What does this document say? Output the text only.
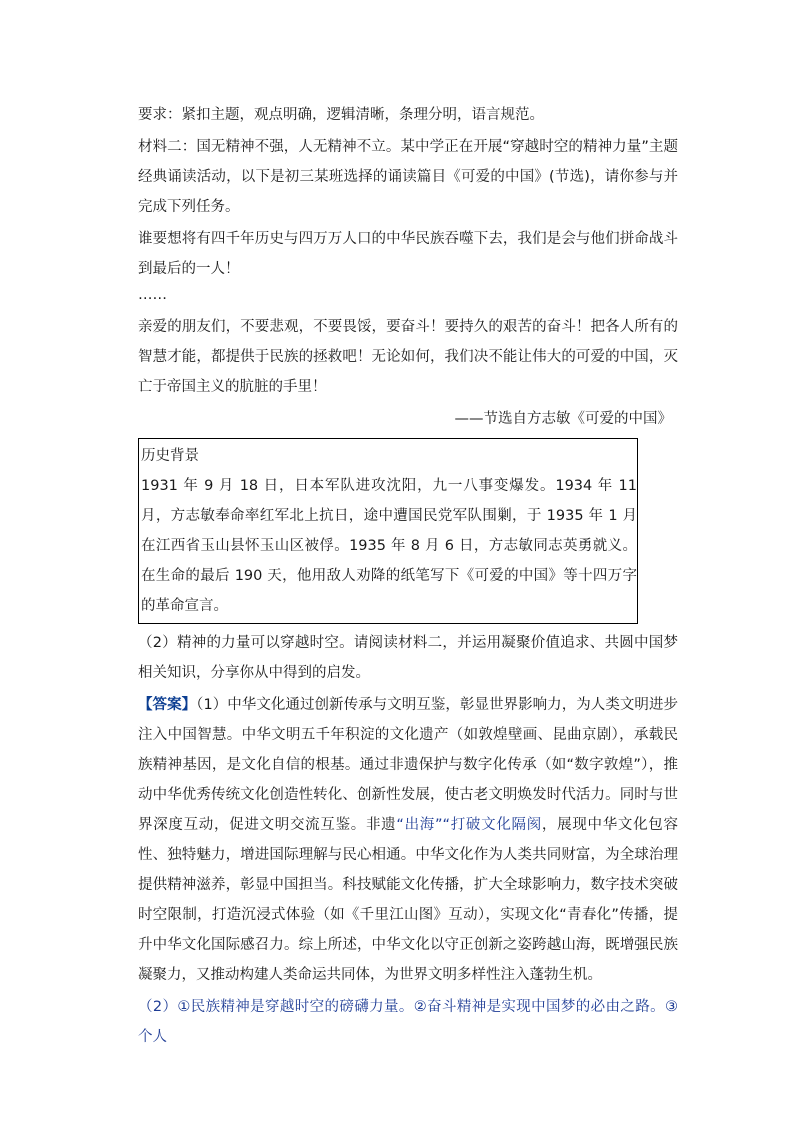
要求：紧扣主题，观点明确，逻辑清晰，条理分明，语言规范。

材料二：国无精神不强，人无精神不立。某中学正在开展“穿越时空的精神力量”主题经典诵读活动，以下是初三某班选择的诵读篇目《可爱的中国》(节选)，请你参与并完成下列任务。

谁要想将有四千年历史与四万万人口的中华民族吞噬下去，我们是会与他们拼命战斗到最后的一人！

……

亲爱的朋友们，不要悲观，不要畏馁，要奋斗！要持久的艰苦的奋斗！把各人所有的智慧才能，都提供于民族的拯救吧！无论如何，我们决不能让伟大的可爱的中国，灭亡于帝国主义的肮脏的手里！

——节选自方志敏《可爱的中国》

历史背景

1931 年 9 月 18 日，日本军队进攻沈阳，九一八事变爆发。1934 年 11 月，方志敏奉命率红军北上抗日，途中遭国民党军队围剿，于 1935 年 1 月在江西省玉山县怀玉山区被俘。1935 年 8 月 6 日，方志敏同志英勇就义。在生命的最后 190 天，他用敌人劝降的纸笔写下《可爱的中国》等十四万字的革命宣言。

（2）精神的力量可以穿越时空。请阅读材料二，并运用凝聚价值追求、共圆中国梦相关知识，分享你从中得到的启发。

【答案】（1）中华文化通过创新传承与文明互鉴，彰显世界影响力，为人类文明进步注入中国智慧。中华文明五千年积淀的文化遗产（如敦煌壁画、昆曲京剧），承载民族精神基因，是文化自信的根基。通过非遗保护与数字化传承（如“数字敦煌”），推动中华优秀传统文化创造性转化、创新性发展，使古老文明焕发时代活力。同时与世界深度互动，促进文明交流互鉴。非遗“出海”“打破文化隔阂，展现中华文化包容性、独特魅力，增进国际理解与民心相通。中华文化作为人类共同财富，为全球治理提供精神滋养，彰显中国担当。科技赋能文化传播，扩大全球影响力，数字技术突破时空限制，打造沉浸式体验（如《千里江山图》互动），实现文化“青春化”传播，提升中华文化国际感召力。综上所述，中华文化以守正创新之姿跨越山海，既增强民族凝聚力，又推动构建人类命运共同体，为世界文明多样性注入蓬勃生机。

（2）①民族精神是穿越时空的磅礴力量。②奋斗精神是实现中国梦的必由之路。③个人
